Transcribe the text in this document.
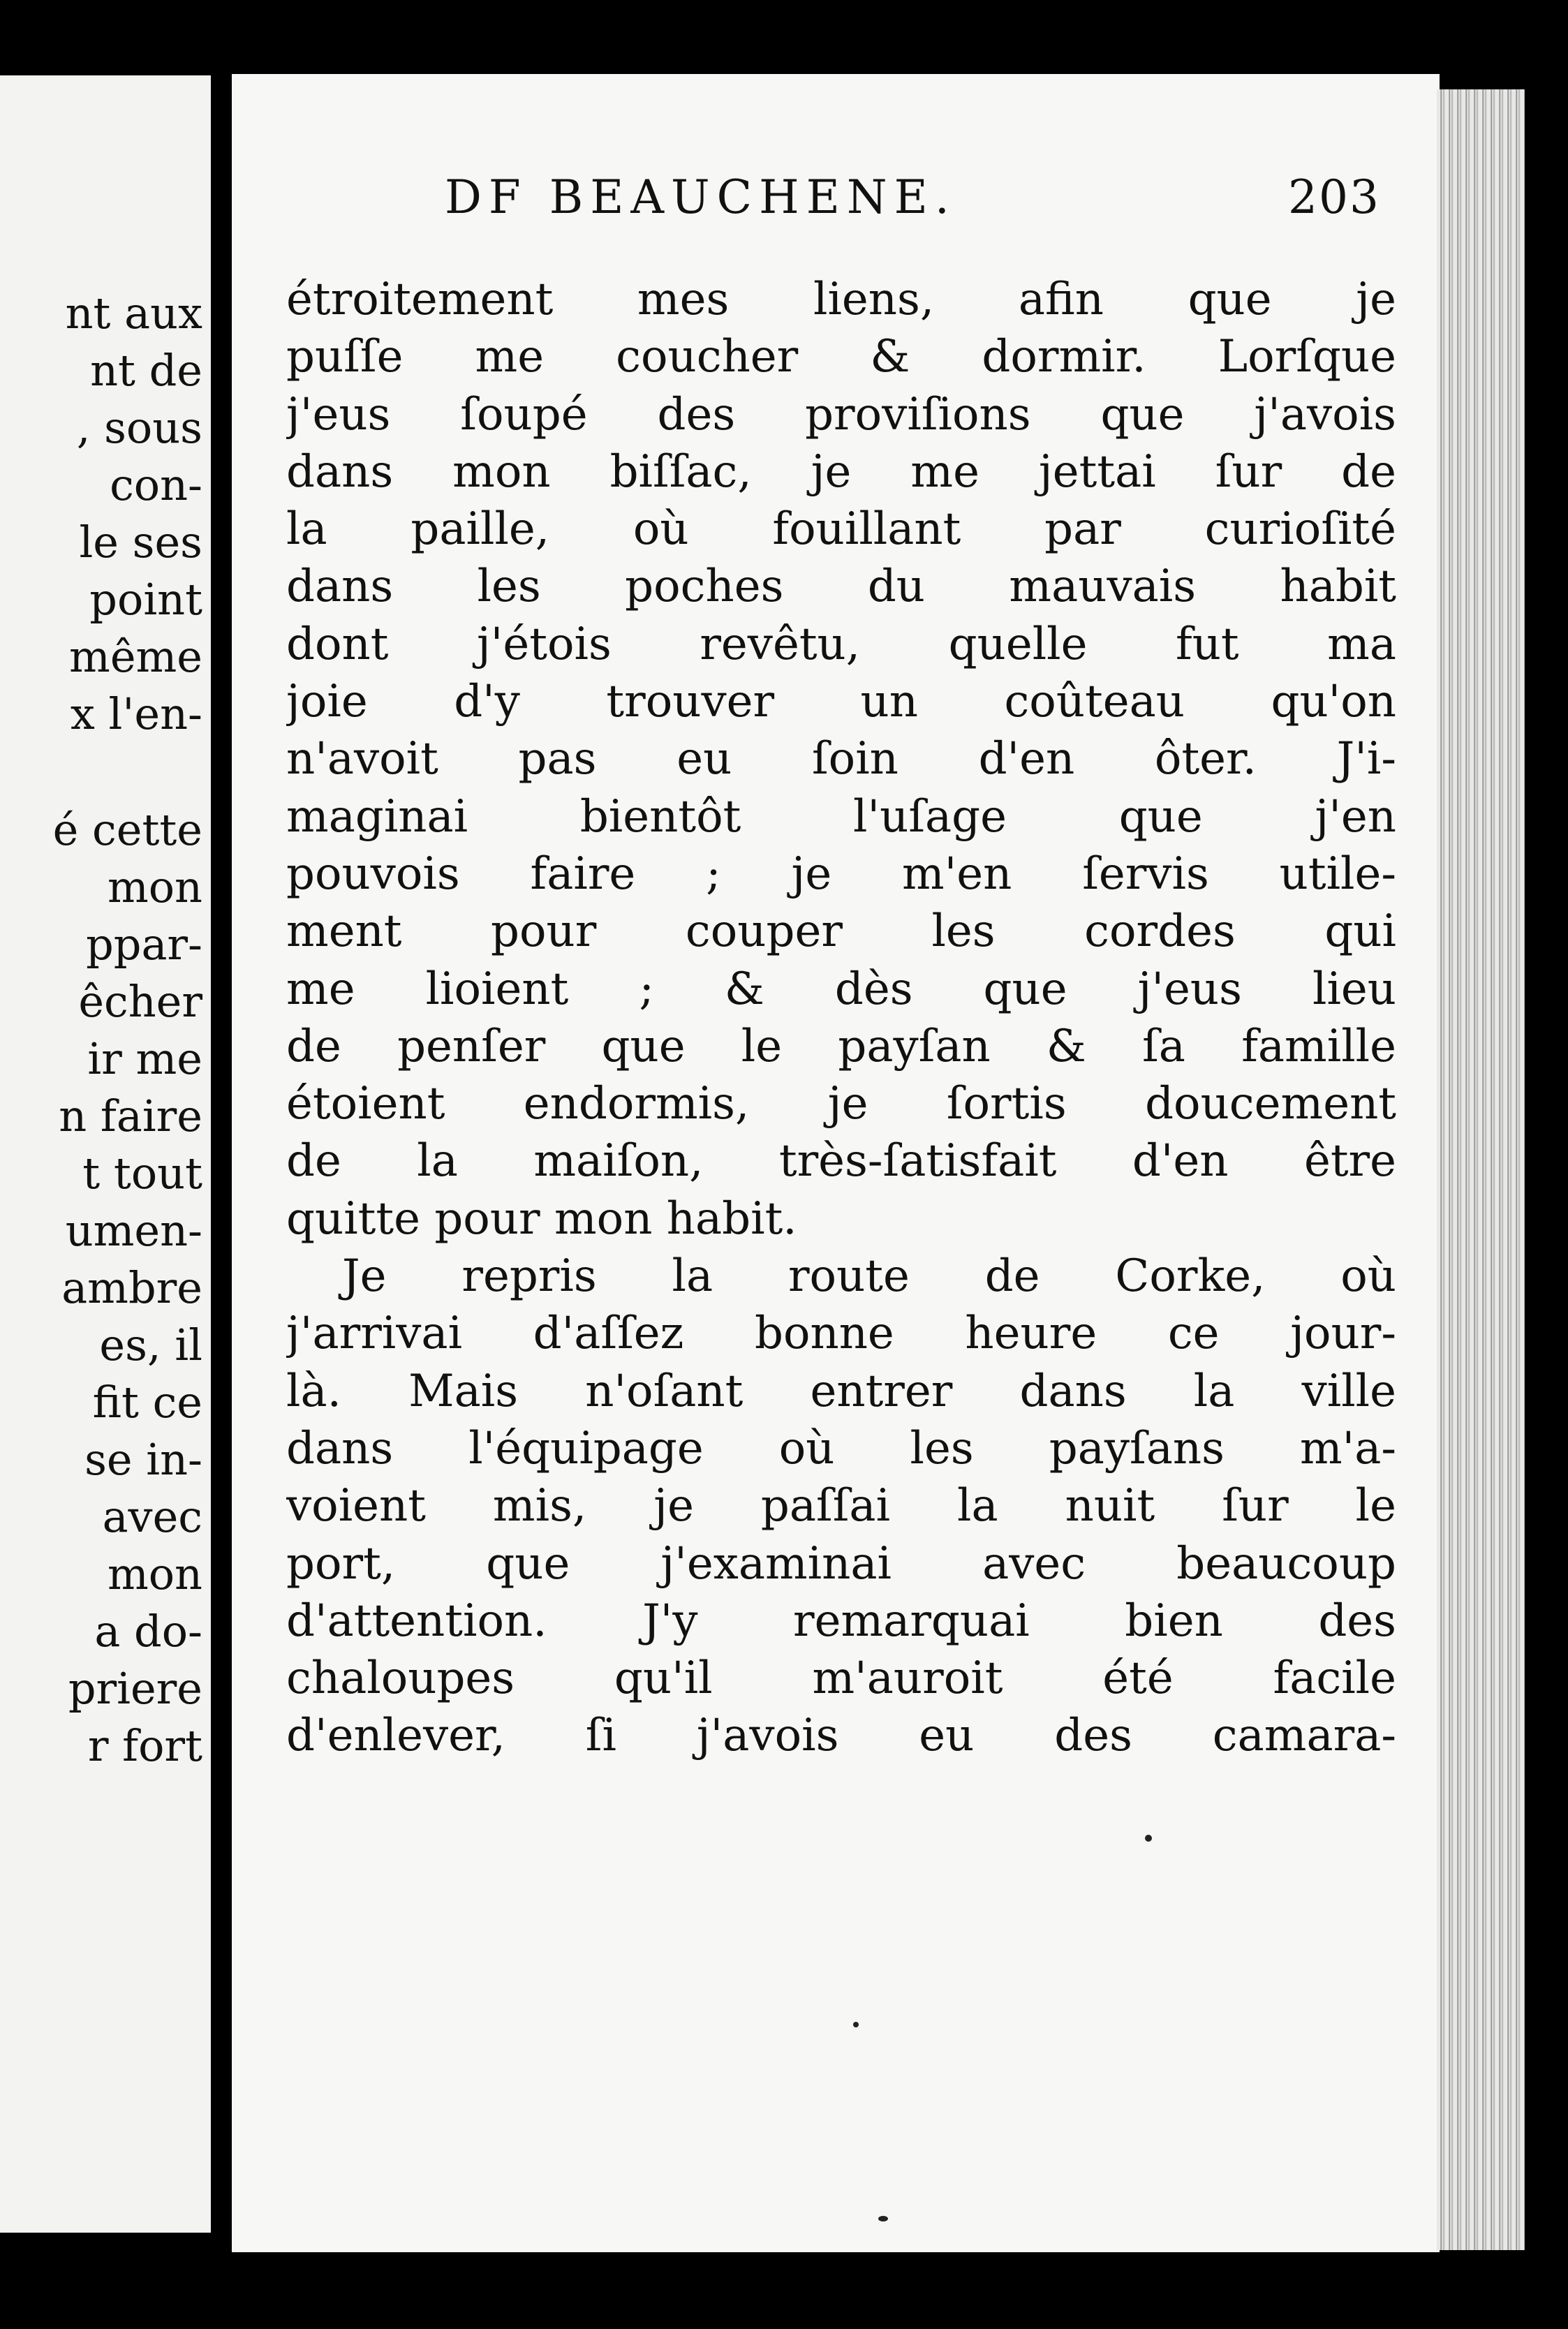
nt aux
nt de
, sous
con-
le ses
point
même
x l'en-
é cette
mon
ppar-
êcher
ir me
n faire
t tout
umen-
ambre
es, il
fit ce
se in-
avec
mon
a do-
priere
r fort
DF BEAUCHENE.	203
étroitement mes liens, afin que je
puſſe me coucher & dormir. Lorſque
j'eus ſoupé des proviſions que j'avois
dans mon biſſac, je me jettai ſur de
la paille, où fouillant par curioſité
dans les poches du mauvais habit
dont j'étois revêtu, quelle fut ma
joie d'y trouver un coûteau qu'on
n'avoit pas eu ſoin d'en ôter. J'i-
maginai bientôt l'uſage que j'en
pouvois faire ; je m'en ſervis utile-
ment pour couper les cordes qui
me lioient ; & dès que j'eus lieu
de penſer que le payſan & ſa famille
étoient endormis, je ſortis doucement
de la maiſon, très-ſatisfait d'en être
quitte pour mon habit.
Je repris la route de Corke, où
j'arrivai d'aſſez bonne heure ce jour-
là. Mais n'oſant entrer dans la ville
dans l'équipage où les payſans m'a-
voient mis, je paſſai la nuit ſur le
port, que j'examinai avec beaucoup
d'attention. J'y remarquai bien des
chaloupes qu'il m'auroit été facile
d'enlever, ſi j'avois eu des camara-
